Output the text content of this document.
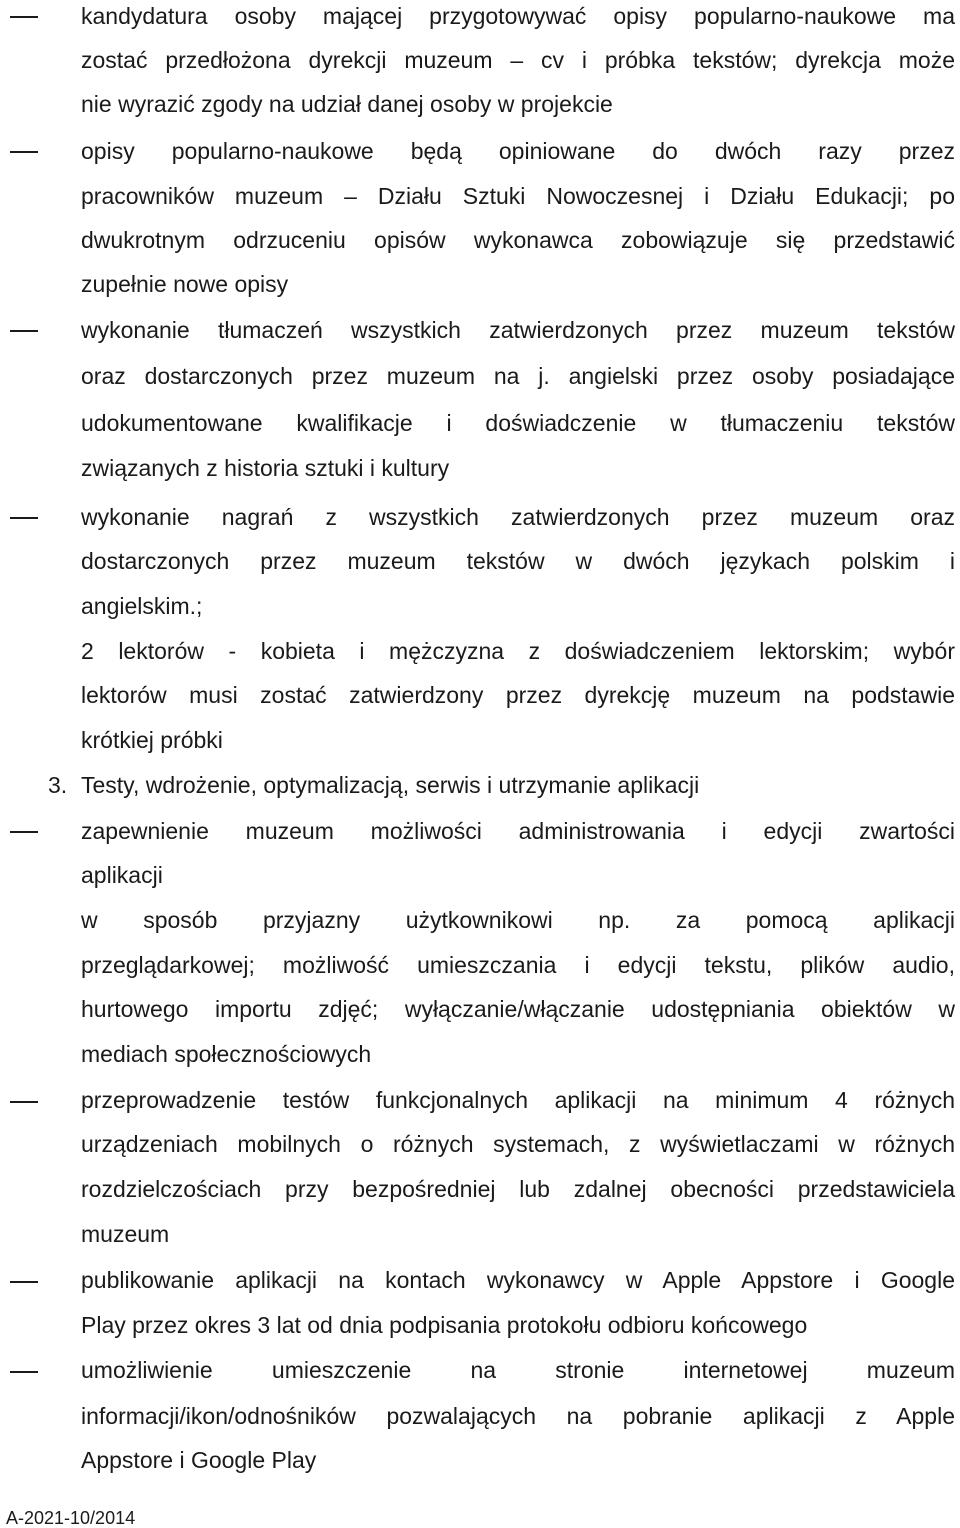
kandydatura osoby mającej przygotowywać opisy popularno-naukowe ma
zostać przedłożona dyrekcji muzeum – cv i próbka tekstów; dyrekcja może
nie wyrazić zgody na udział danej osoby w projekcie
opisy popularno-naukowe będą opiniowane do dwóch razy przez
pracowników muzeum – Działu Sztuki Nowoczesnej i Działu Edukacji; po
dwukrotnym odrzuceniu opisów wykonawca zobowiązuje się przedstawić
zupełnie nowe opisy
wykonanie tłumaczeń wszystkich zatwierdzonych przez muzeum tekstów
oraz dostarczonych przez muzeum na j. angielski przez osoby posiadające
udokumentowane kwalifikacje i doświadczenie w tłumaczeniu tekstów
związanych z historia sztuki i kultury
wykonanie nagrań z wszystkich zatwierdzonych przez muzeum oraz
dostarczonych przez muzeum tekstów w dwóch językach polskim i
angielskim.;
2 lektorów - kobieta i mężczyzna z doświadczeniem lektorskim; wybór
lektorów musi zostać zatwierdzony przez dyrekcję muzeum na podstawie
krótkiej próbki
3. Testy, wdrożenie, optymalizacją, serwis i utrzymanie aplikacji
zapewnienie muzeum możliwości administrowania i edycji zwartości
aplikacji
w sposób przyjazny użytkownikowi np. za pomocą aplikacji
przeglądarkowej; możliwość umieszczania i edycji tekstu, plików audio,
hurtowego importu zdjęć; wyłączanie/włączanie udostępniania obiektów w
mediach społecznościowych
przeprowadzenie testów funkcjonalnych aplikacji na minimum 4 różnych
urządzeniach mobilnych o różnych systemach, z wyświetlaczami w różnych
rozdzielczościach przy bezpośredniej lub zdalnej obecności przedstawiciela
muzeum
publikowanie aplikacji na kontach wykonawcy w Apple Appstore i Google
Play przez okres 3 lat od dnia podpisania protokołu odbioru końcowego
umożliwienie umieszczenie na stronie internetowej muzeum
informacji/ikon/odnośników pozwalających na pobranie aplikacji z Apple
Appstore i Google Play
A-2021-10/2014
